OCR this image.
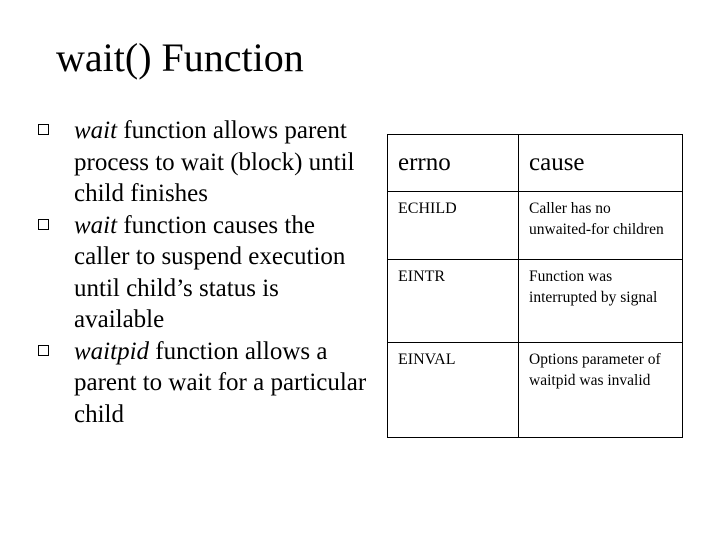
wait() Function
wait function allows parent process to wait (block) until child finishes
wait function causes the caller to suspend execution until child’s status is available
waitpid function allows a parent to wait for a particular child
errno	cause
ECHILD	Caller has no unwaited-for children
EINTR	Function was interrupted by signal
EINVAL	Options parameter of waitpid was invalid
